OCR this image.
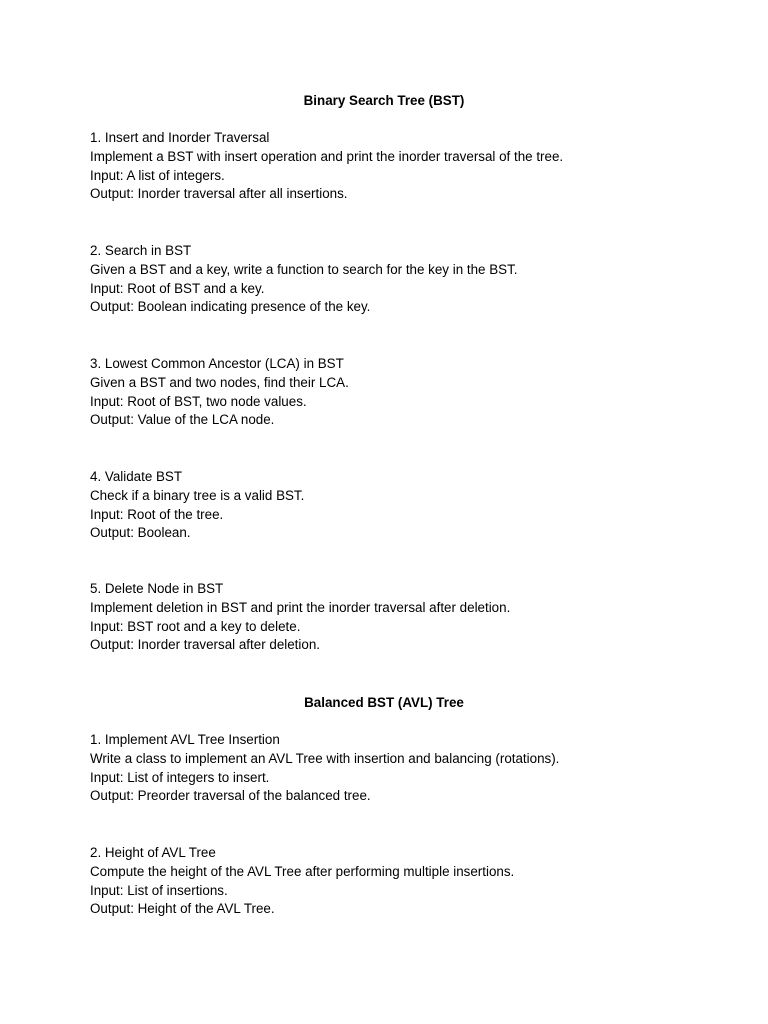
Binary Search Tree (BST)
1. Insert and Inorder Traversal
Implement a BST with insert operation and print the inorder traversal of the tree.
Input: A list of integers.
Output: Inorder traversal after all insertions.
2. Search in BST
Given a BST and a key, write a function to search for the key in the BST.
Input: Root of BST and a key.
Output: Boolean indicating presence of the key.
3. Lowest Common Ancestor (LCA) in BST
Given a BST and two nodes, find their LCA.
Input: Root of BST, two node values.
Output: Value of the LCA node.
4. Validate BST
Check if a binary tree is a valid BST.
Input: Root of the tree.
Output: Boolean.
5. Delete Node in BST
Implement deletion in BST and print the inorder traversal after deletion.
Input: BST root and a key to delete.
Output: Inorder traversal after deletion.
Balanced BST (AVL) Tree
1. Implement AVL Tree Insertion
Write a class to implement an AVL Tree with insertion and balancing (rotations).
Input: List of integers to insert.
Output: Preorder traversal of the balanced tree.
2. Height of AVL Tree
Compute the height of the AVL Tree after performing multiple insertions.
Input: List of insertions.
Output: Height of the AVL Tree.
